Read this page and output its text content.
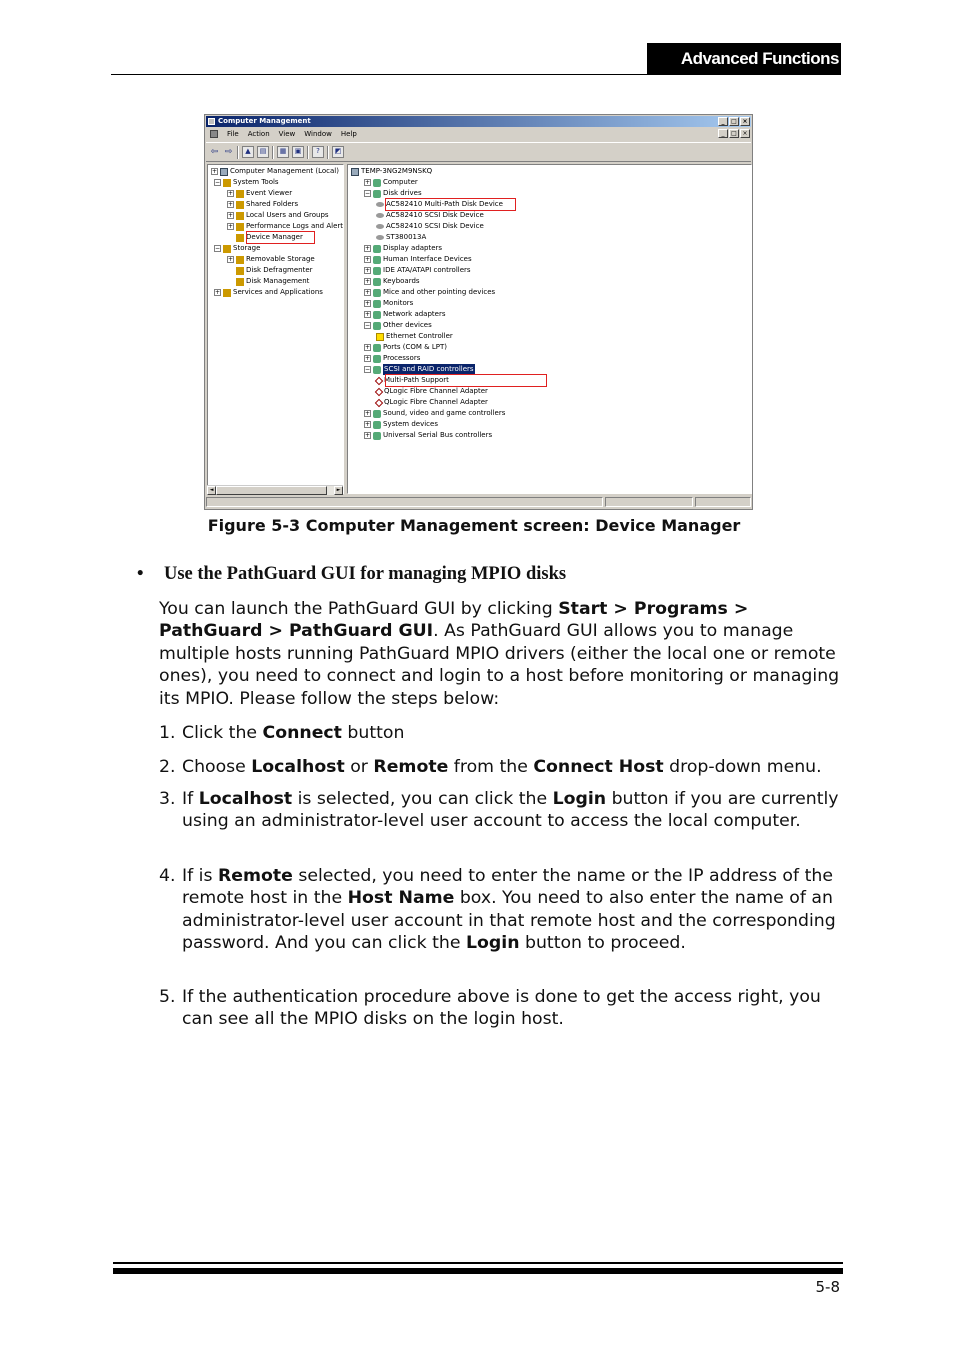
Advanced Functions
Computer Management	_	□ ×
File Action View Window Help	_	□ ×
⇦ ⇨	▲	▤	▦	▣	?	◩
+ Computer Management (Local)
− System Tools
+ Event Viewer
+ Shared Folders
+ Local Users and Groups
+ Performance Logs and Alert
Device Manager
− Storage
+ Removable Storage
Disk Defragmenter
Disk Management
+ Services and Applications
◄	►
TEMP-3NG2M9NSKQ
+ Computer
− Disk drives
AC582410 Multi-Path Disk Device
AC582410 SCSI Disk Device
AC582410 SCSI Disk Device
ST380013A
+ Display adapters
+ Human Interface Devices
+ IDE ATA/ATAPI controllers
+ Keyboards
+ Mice and other pointing devices
+ Monitors
+ Network adapters
− Other devices
Ethernet Controller
+ Ports (COM & LPT)
+ Processors
− SCSI and RAID controllers
Multi-Path Support
QLogic Fibre Channel Adapter
QLogic Fibre Channel Adapter
+ Sound, video and game controllers
+ System devices
+ Universal Serial Bus controllers
Figure 5-3 Computer Management screen: Device Manager
• Use the PathGuard GUI for managing MPIO disks
You can launch the PathGuard GUI by clicking Start > Programs > PathGuard > PathGuard GUI. As PathGuard GUI allows you to manage multiple hosts running PathGuard MPIO drivers (either the local one or remote ones), you need to connect and login to a host before monitoring or managing its MPIO. Please follow the steps below:
1. Click the Connect button
2. Choose Localhost or Remote from the Connect Host drop-down menu.
3. If Localhost is selected, you can click the Login button if you are currently using an administrator-level user account to access the local computer.
4. If is Remote selected, you need to enter the name or the IP address of the remote host in the Host Name box. You need to also enter the name of an administrator-level user account in that remote host and the corresponding password. And you can click the Login button to proceed.
5. If the authentication procedure above is done to get the access right, you can see all the MPIO disks on the login host.
5-8
